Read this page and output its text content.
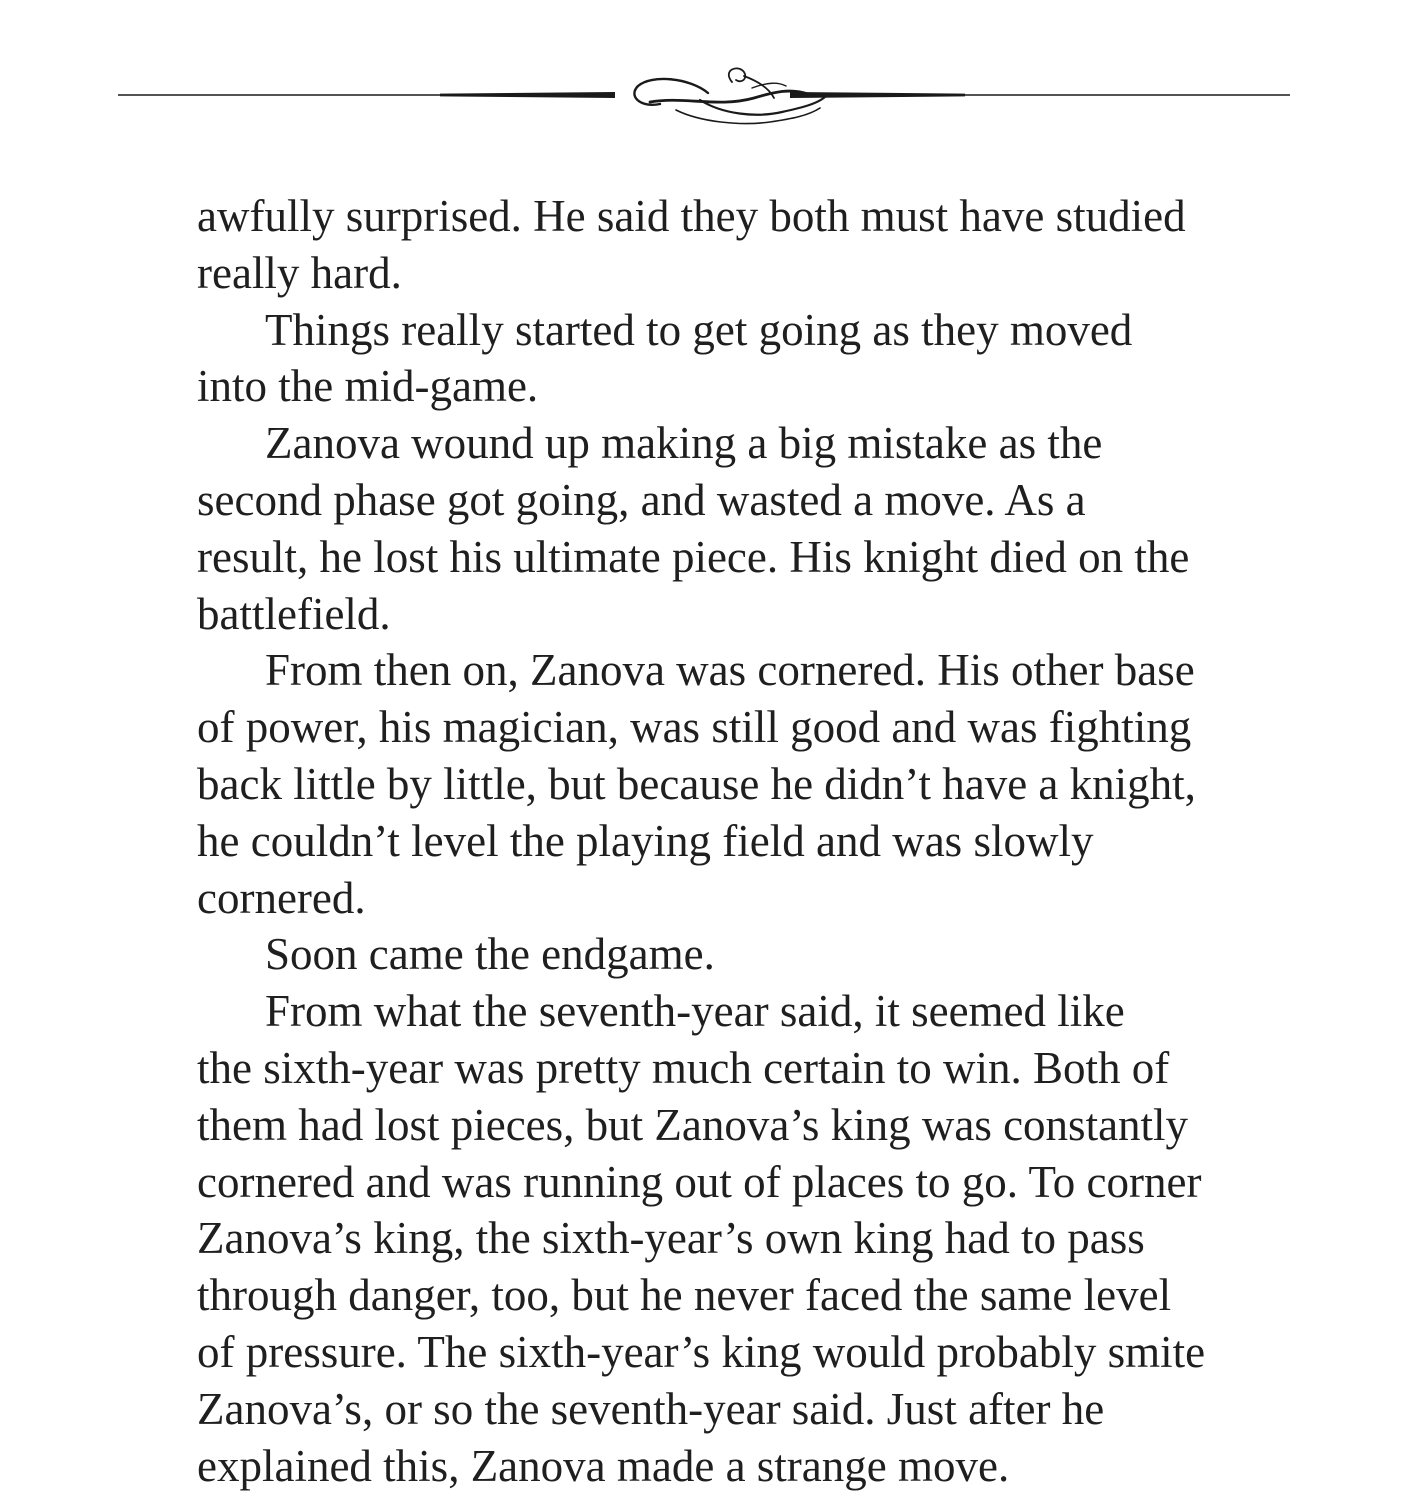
awfully surprised. He said they both must have studied
really hard.

Things really started to get going as they moved
into the mid-game.

Zanova wound up making a big mistake as the
second phase got going, and wasted a move. As a
result, he lost his ultimate piece. His knight died on the
battlefield.

From then on, Zanova was cornered. His other base
of power, his magician, was still good and was fighting
back little by little, but because he didn’t have a knight,
he couldn’t level the playing field and was slowly
cornered.

Soon came the endgame.

From what the seventh-year said, it seemed like
the sixth-year was pretty much certain to win. Both of
them had lost pieces, but Zanova’s king was constantly
cornered and was running out of places to go. To corner
Zanova’s king, the sixth-year’s own king had to pass
through danger, too, but he never faced the same level
of pressure. The sixth-year’s king would probably smite
Zanova’s, or so the seventh-year said. Just after he
explained this, Zanova made a strange move.
